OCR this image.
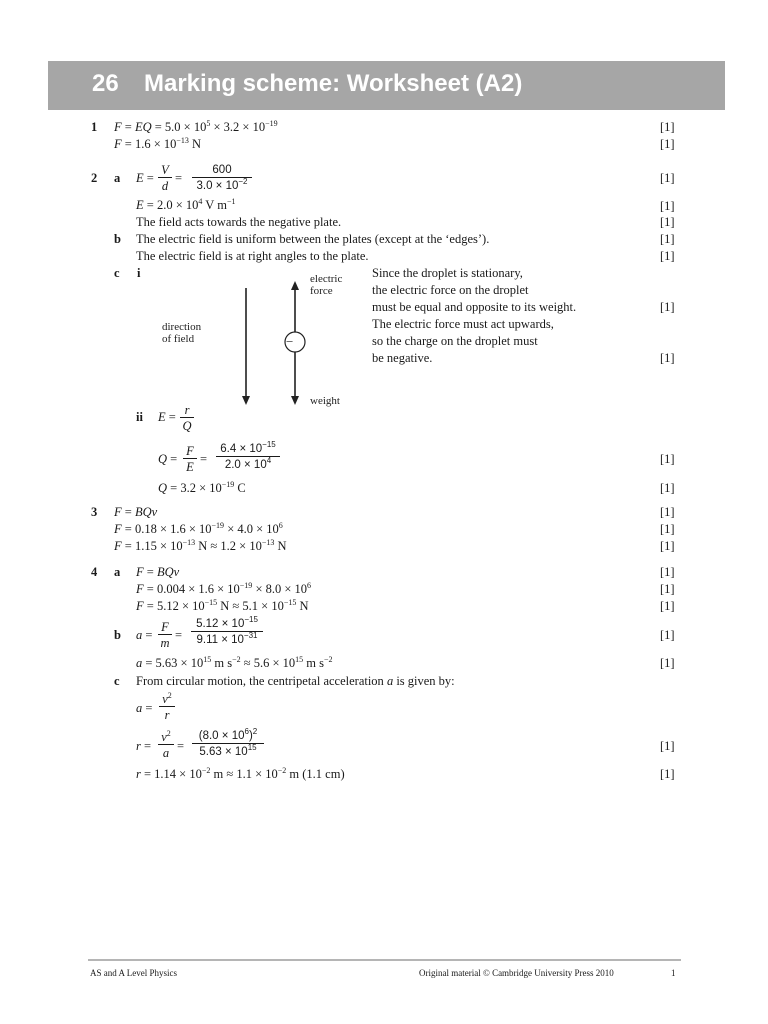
26 Marking scheme: Worksheet (A2)
1 F = EQ = $5.0 \times 10^5 \times 3.2 \times 10^{-19}$	[1]
$F = 1.6 \times 10^{-13}$ N	[1]
2 a $E = \frac{V}{d} = \frac{600}{3.0 \times 10^{-2}}$	[1]
$E = 2.0 \times 10^4$ V $m^{-1}$	[1]
The field acts towards the negative plate.	[1]
b The electric field is uniform between the plates (except at the ‘edges’).	[1]
The electric field is at right angles to the plate.	[1]
c i
−
direction
of field
electric
force
weight
Since the droplet is stationary,
the electric force on the droplet
must be equal and opposite to its weight.	[1]
The electric force must act upwards,
so the charge on the droplet must
be negative.	[1]
ii $E = \frac{r}{Q}$
$Q = \frac{F}{E} = \frac{6.4 \times 10^{-15}}{2.0 \times 10^4}$	[1]
$Q = 3.2 \times 10^{-19}$ C	[1]
3 F = BQv	[1]
$F = 0.18 \times 1.6 \times 10^{-19} \times 4.0 \times 10^6$	[1]
$F = 1.15 \times 10^{-13}$ $N \approx 1.2 \times 10^{-13}$ N	[1]
4 a F = BQv	[1]
$F = 0.004 \times 1.6 \times 10^{-19} \times 8.0 \times 10^6$	[1]
$F = 5.12 \times 10^{-15}$ $N \approx 5.1 \times 10^{-15}$ N	[1]
b $a = \frac{F}{m} = \frac{5.12 \times 10^{-15}}{9.11 \times 10^{-31}}$	[1]
$a = 5.63 \times 10^{15}$ m $s^{-2} \approx 5.6 \times 10^{15}$ m $s^{-2}$	[1]
c From circular motion, the centripetal acceleration a is given by:
$a = \frac{v^2}{r}$
$r = \frac{v^2}{a} = \frac{(8.0 \times 10^6)^2}{5.63 \times 10^{15}}$	[1]
$r = 1.14 \times 10^{-2}$ $m \approx 1.1 \times 10^{-2}$ m (1.1 cm)	[1]
AS and A Level Physics	Original material © Cambridge University Press 2010	1
